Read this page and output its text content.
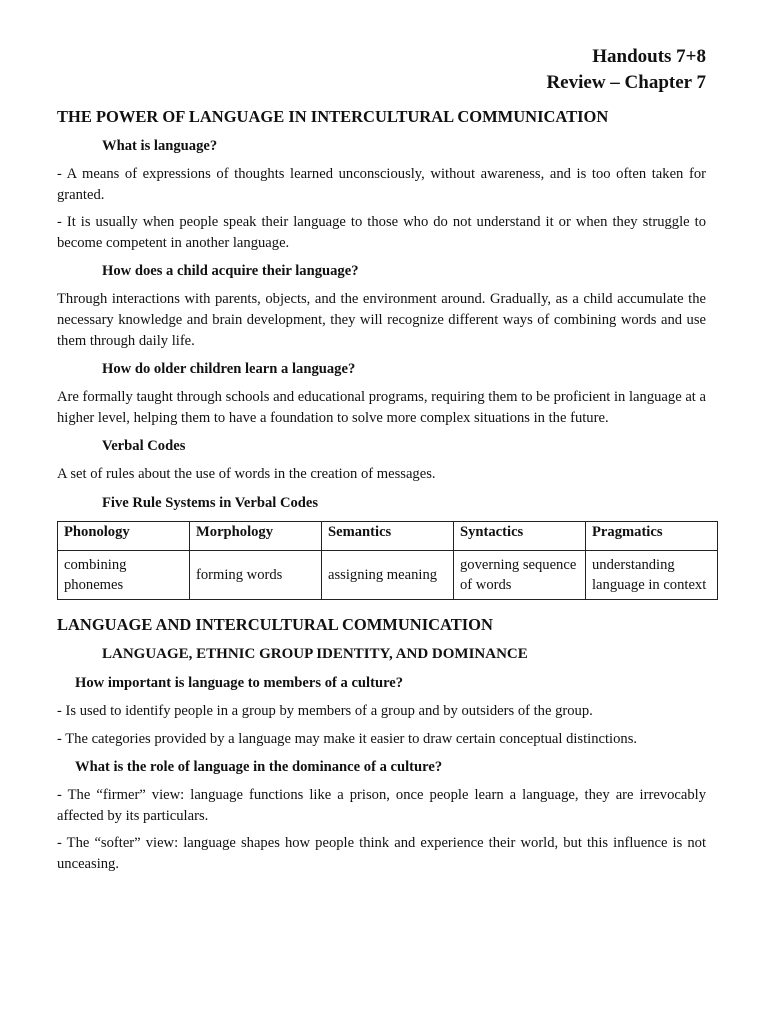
Handouts 7+8
Review – Chapter 7
THE POWER OF LANGUAGE IN INTERCULTURAL COMMUNICATION
What is language?
- A means of expressions of thoughts learned unconsciously, without awareness, and is too often taken for granted.
- It is usually when people speak their language to those who do not understand it or when they struggle to become competent in another language.
How does a child acquire their language?
Through interactions with parents, objects, and the environment around. Gradually, as a child accumulate the necessary knowledge and brain development, they will recognize different ways of combining words and use them through daily life.
How do older children learn a language?
Are formally taught through schools and educational programs, requiring them to be proficient in language at a higher level, helping them to have a foundation to solve more complex situations in the future.
Verbal Codes
A set of rules about the use of words in the creation of messages.
Five Rule Systems in Verbal Codes
Phonology	Morphology	Semantics	Syntactics	Pragmatics
combining phonemes	forming words	assigning meaning	governing sequence of words	understanding language in context
LANGUAGE AND INTERCULTURAL COMMUNICATION
LANGUAGE, ETHNIC GROUP IDENTITY, AND DOMINANCE
How important is language to members of a culture?
- Is used to identify people in a group by members of a group and by outsiders of the group.
- The categories provided by a language may make it easier to draw certain conceptual distinctions.
What is the role of language in the dominance of a culture?
- The “firmer” view: language functions like a prison, once people learn a language, they are irrevocably affected by its particulars.
- The “softer” view: language shapes how people think and experience their world, but this influence is not unceasing.
